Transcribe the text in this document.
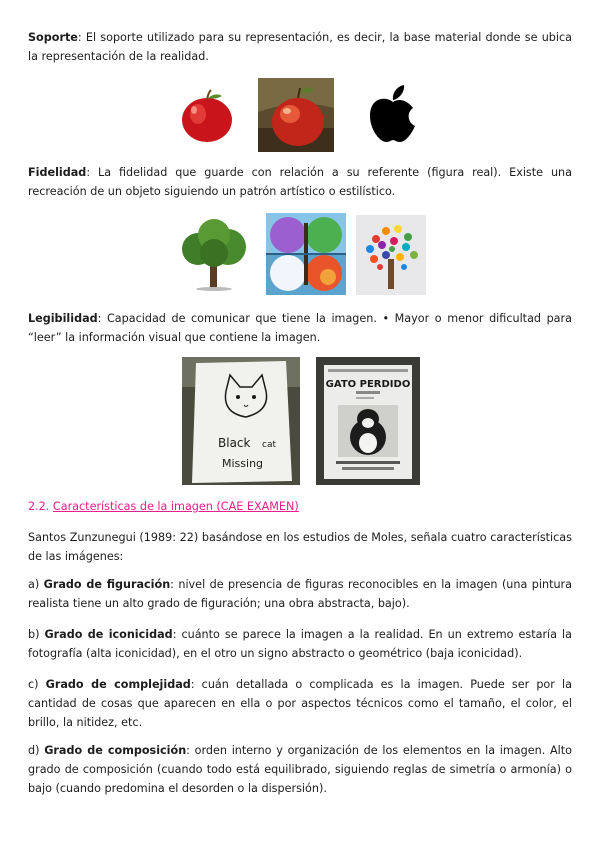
Soporte: El soporte utilizado para su representación, es decir, la base material donde se ubica la representación de la realidad.

Fidelidad: La fidelidad que guarde con relación a su referente (figura real). Existe una recreación de un objeto siguiendo un patrón artístico o estilístico.

Legibilidad: Capacidad de comunicar que tiene la imagen. • Mayor o menor dificultad para “leer” la información visual que contiene la imagen.

Black cat
Missing
GATO PERDIDO

2.2. Características de la imagen (CAE EXAMEN)

Santos Zunzunegui (1989: 22) basándose en los estudios de Moles, señala cuatro características de las imágenes:

a) Grado de figuración: nivel de presencia de figuras reconocibles en la imagen (una pintura realista tiene un alto grado de figuración; una obra abstracta, bajo).

b) Grado de iconicidad: cuánto se parece la imagen a la realidad. En un extremo estaría la fotografía (alta iconicidad), en el otro un signo abstracto o geométrico (baja iconicidad).

c) Grado de complejidad: cuán detallada o complicada es la imagen. Puede ser por la cantidad de cosas que aparecen en ella o por aspectos técnicos como el tamaño, el color, el brillo, la nitidez, etc.

d) Grado de composición: orden interno y organización de los elementos en la imagen. Alto grado de composición (cuando todo está equilibrado, siguiendo reglas de simetría o armonía) o bajo (cuando predomina el desorden o la dispersión).
